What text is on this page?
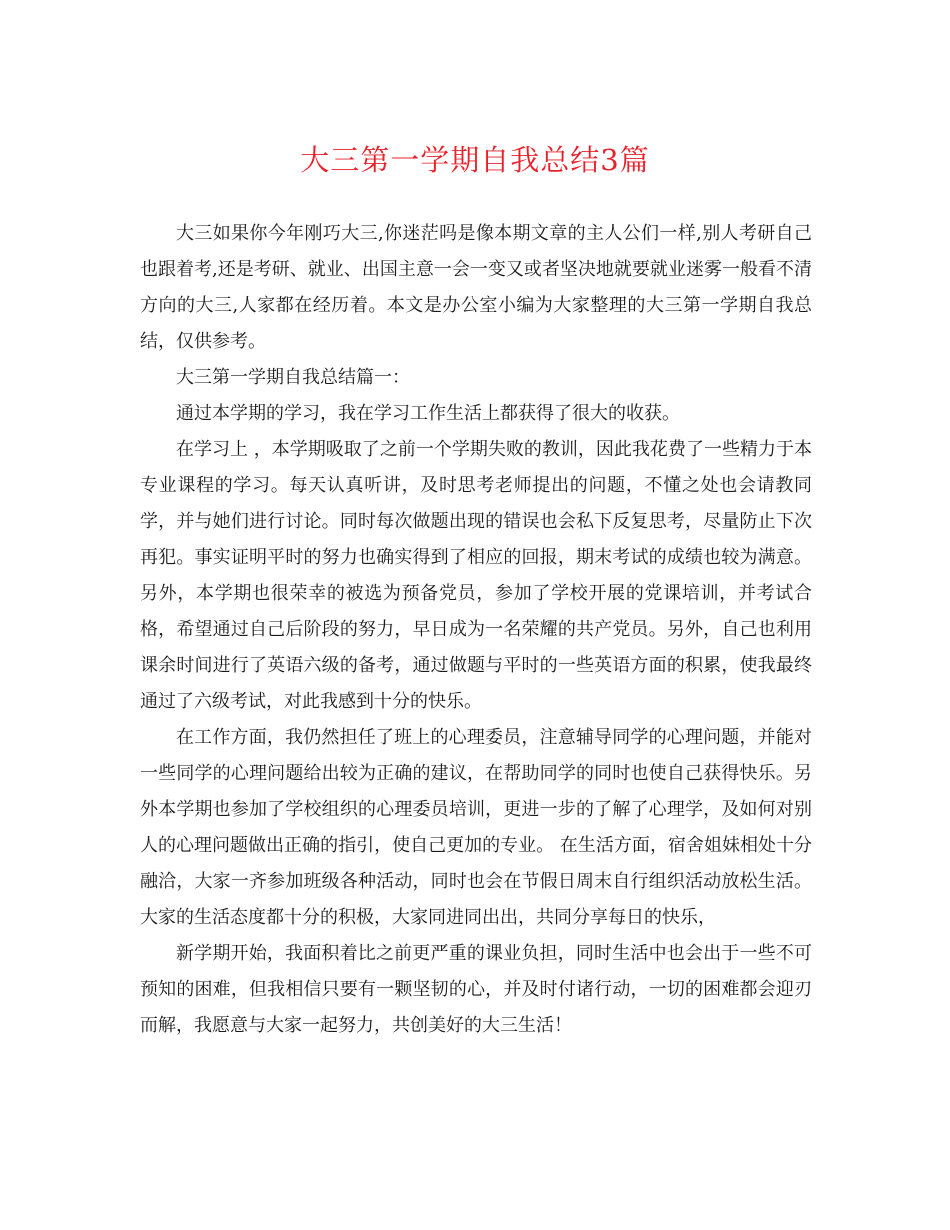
大三第一学期自我总结3篇

大三如果你今年刚巧大三,你迷茫吗是像本期文章的主人公们一样,别人考研自己也跟着考,还是考研、就业、出国主意一会一变又或者坚决地就要就业迷雾一般看不清方向的大三,人家都在经历着。本文是办公室小编为大家整理的大三第一学期自我总结，仅供参考。

大三第一学期自我总结篇一：

通过本学期的学习，我在学习工作生活上都获得了很大的收获。

在学习上 ，本学期吸取了之前一个学期失败的教训，因此我花费了一些精力于本专业课程的学习。每天认真听讲，及时思考老师提出的问题，不懂之处也会请教同学，并与她们进行讨论。同时每次做题出现的错误也会私下反复思考，尽量防止下次再犯。事实证明平时的努力也确实得到了相应的回报，期末考试的成绩也较为满意。另外，本学期也很荣幸的被选为预备党员，参加了学校开展的党课培训，并考试合格，希望通过自己后阶段的努力，早日成为一名荣耀的共产党员。另外，自己也利用课余时间进行了英语六级的备考，通过做题与平时的一些英语方面的积累，使我最终通过了六级考试，对此我感到十分的快乐。

在工作方面，我仍然担任了班上的心理委员，注意辅导同学的心理问题，并能对一些同学的心理问题给出较为正确的建议，在帮助同学的同时也使自己获得快乐。另外本学期也参加了学校组织的心理委员培训，更进一步的了解了心理学，及如何对别人的心理问题做出正确的指引，使自己更加的专业。 在生活方面，宿舍姐妹相处十分融洽，大家一齐参加班级各种活动，同时也会在节假日周末自行组织活动放松生活。大家的生活态度都十分的积极，大家同进同出出，共同分享每日的快乐，

新学期开始，我面积着比之前更严重的课业负担，同时生活中也会出于一些不可预知的困难，但我相信只要有一颗坚韧的心，并及时付诸行动，一切的困难都会迎刃而解，我愿意与大家一起努力，共创美好的大三生活！
